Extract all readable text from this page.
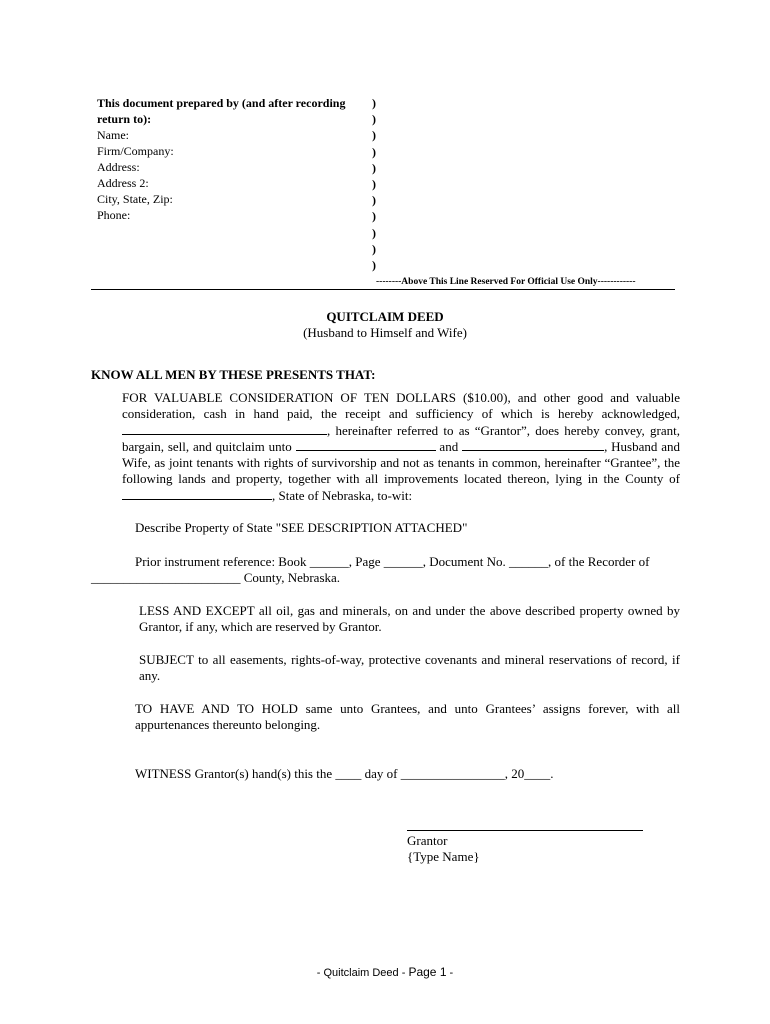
This document prepared by (and after recording return to):
Name:
Firm/Company:
Address:
Address 2:
City, State, Zip:
Phone:
)
)
)
)
)
)
)
)
)
)
)
--------Above This Line Reserved For Official Use Only------------
QUITCLAIM DEED
(Husband to Himself and Wife)
KNOW ALL MEN BY THESE PRESENTS THAT:
FOR VALUABLE CONSIDERATION OF TEN DOLLARS ($10.00), and other good and valuable consideration, cash in hand paid, the receipt and sufficiency of which is hereby acknowledged, , hereinafter referred to as “Grantor”, does hereby convey, grant, bargain, sell, and quitclaim unto	and	, Husband and Wife, as joint tenants with rights of survivorship and not as tenants in common, hereinafter “Grantee”, the following lands and property, together with all improvements located thereon, lying in the County of , State of Nebraska, to-wit:
Describe Property of State "SEE DESCRIPTION ATTACHED"
Prior instrument reference: Book ______, Page ______, Document No. ______, of the Recorder of
_______________________ County, Nebraska.
LESS AND EXCEPT all oil, gas and minerals, on and under the above described property owned by Grantor, if any, which are reserved by Grantor.
SUBJECT to all easements, rights-of-way, protective covenants and mineral reservations of record, if any.
TO HAVE AND TO HOLD same unto Grantees, and unto Grantees’ assigns forever, with all appurtenances thereunto belonging.
WITNESS Grantor(s) hand(s) this the ____ day of ________________, 20____.
Grantor
{Type Name}
- Quitclaim Deed - Page 1 -
